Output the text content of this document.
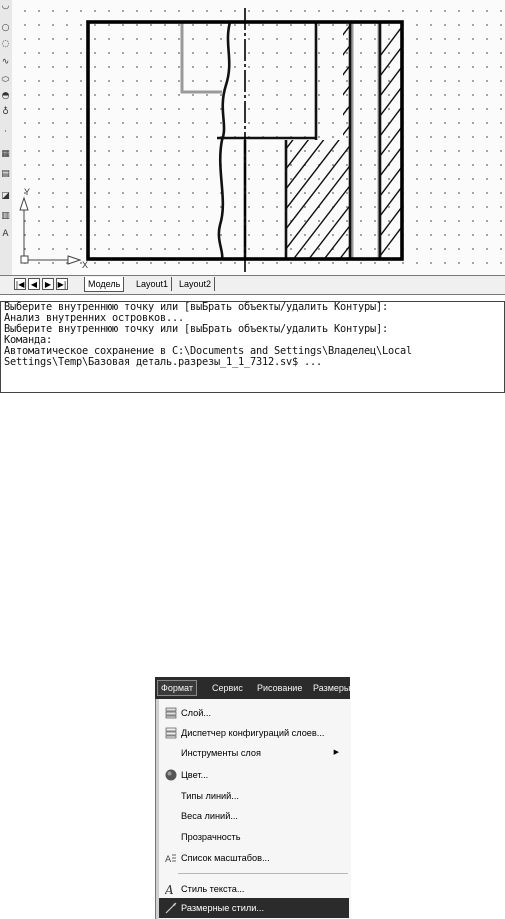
◡
○
◌
∿
⬭
◓
♁
·
▦
▤
◪
▥
A
Y
X
|◀ ◀ ▶ ▶|	Модель	Layout1	Layout2
Выберите внутреннюю точку или [выБрать объекты/удалить Контуры]:
Анализ внутренних островков...
Выберите внутреннюю точку или [выБрать объекты/удалить Контуры]:
Команда:
Автоматическое сохранение в C:\Documents and Settings\Владелец\Local
Settings\Temp\Базовая деталь.разрезы_1_1_7312.sv$ ...
Формат	Сервис	Рисование	Размеры
Слой...
Диспетчер конфигураций слоев...
Инструменты слоя	▶
Цвет...
Типы линий...
Веса линий...
Прозрачность
A Список масштабов...
A Стиль текста...
Размерные стили...
